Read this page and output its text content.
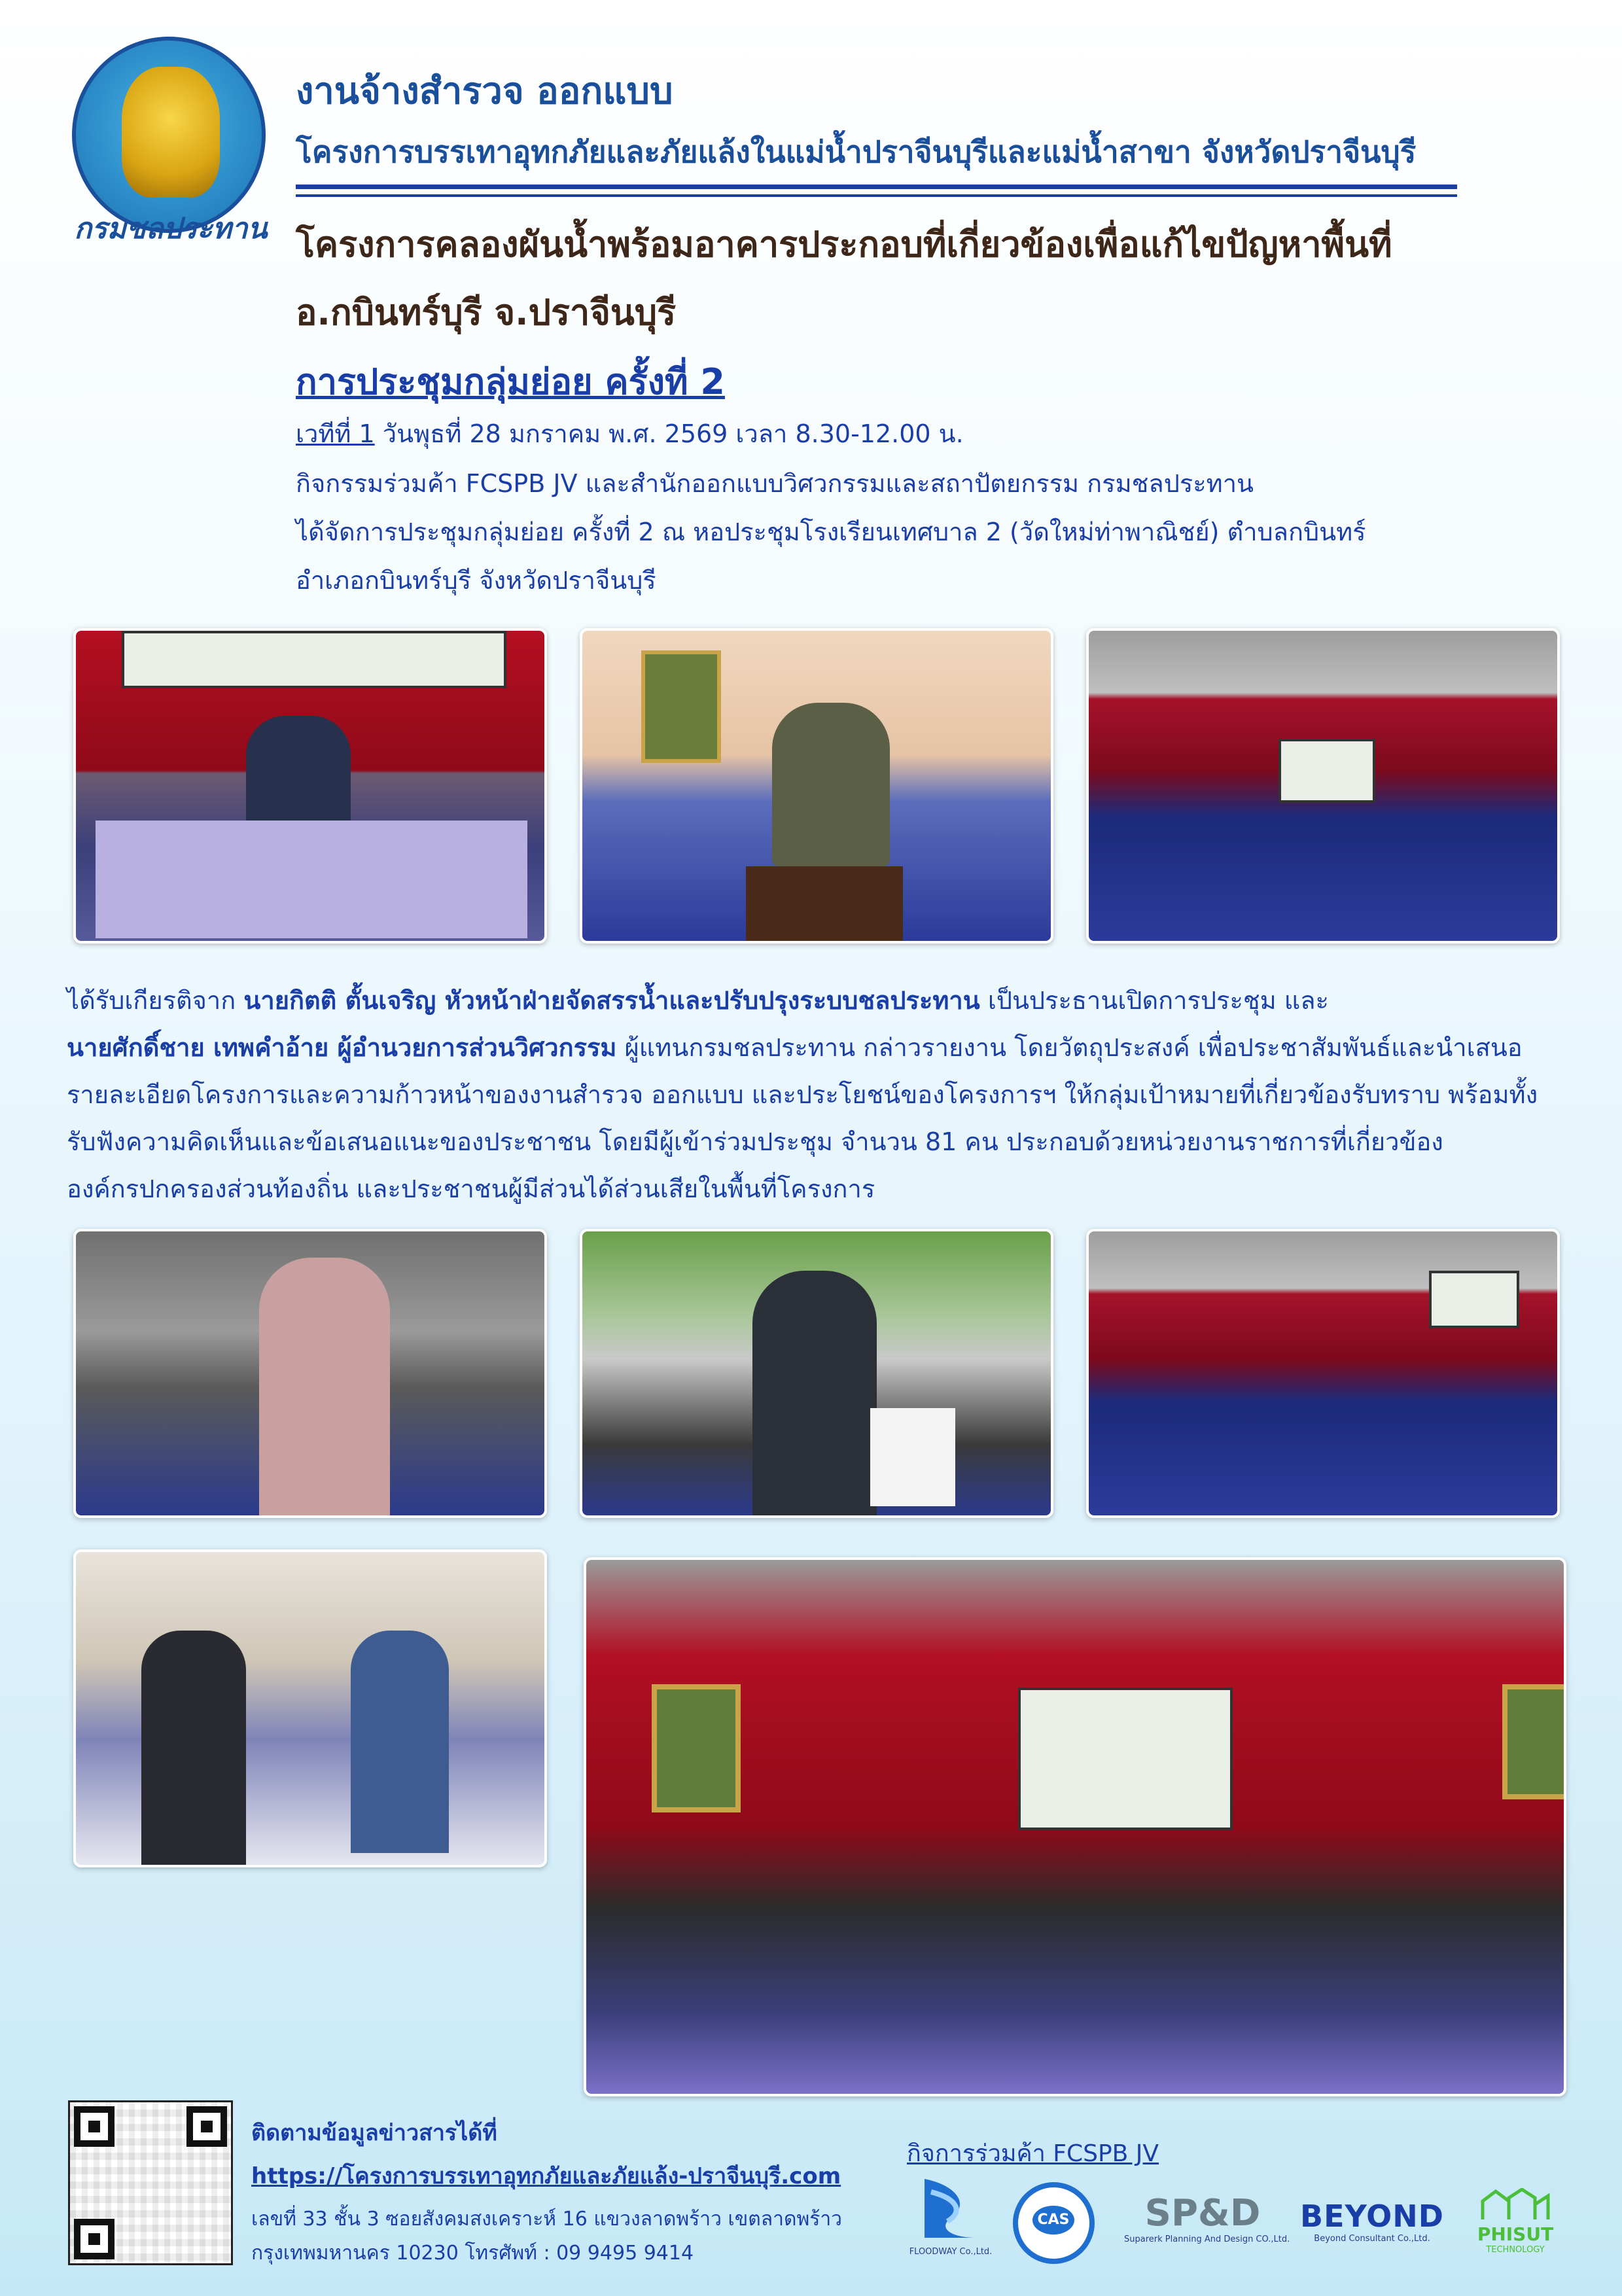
กรมชลประทาน
งานจ้างสำรวจ ออกแบบ
โครงการบรรเทาอุทกภัยและภัยแล้งในแม่น้ำปราจีนบุรีและแม่น้ำสาขา จังหวัดปราจีนบุรี
โครงการคลองผันน้ำพร้อมอาคารประกอบที่เกี่ยวข้องเพื่อแก้ไขปัญหาพื้นที่
อ.กบินทร์บุรี จ.ปราจีนบุรี
การประชุมกลุ่มย่อย ครั้งที่ 2
เวทีที่ 1 วันพุธที่ 28 มกราคม พ.ศ. 2569 เวลา 8.30-12.00 น.
กิจกรรมร่วมค้า FCSPB JV และสำนักออกแบบวิศวกรรมและสถาปัตยกรรม กรมชลประทาน
ได้จัดการประชุมกลุ่มย่อย ครั้งที่ 2 ณ หอประชุมโรงเรียนเทศบาล 2 (วัดใหม่ท่าพาณิชย์) ตำบลกบินทร์
อำเภอกบินทร์บุรี จังหวัดปราจีนบุรี
ได้รับเกียรติจาก นายกิตติ ตั้นเจริญ หัวหน้าฝ่ายจัดสรรน้ำและปรับปรุงระบบชลประทาน เป็นประธานเปิดการประชุม และ
นายศักดิ์ชาย เทพคำอ้าย ผู้อำนวยการส่วนวิศวกรรม ผู้แทนกรมชลประทาน กล่าวรายงาน โดยวัตถุประสงค์ เพื่อประชาสัมพันธ์และนำเสนอ
รายละเอียดโครงการและความก้าวหน้าของงานสำรวจ ออกแบบ และประโยชน์ของโครงการฯ ให้กลุ่มเป้าหมายที่เกี่ยวข้องรับทราบ พร้อมทั้ง
รับฟังความคิดเห็นและข้อเสนอแนะของประชาชน โดยมีผู้เข้าร่วมประชุม จำนวน 81 คน ประกอบด้วยหน่วยงานราชการที่เกี่ยวข้อง
องค์กรปกครองส่วนท้องถิ่น และประชาชนผู้มีส่วนได้ส่วนเสียในพื้นที่โครงการ
ติดตามข้อมูลข่าวสารได้ที่
https://โครงการบรรเทาอุทกภัยและภัยแล้ง-ปราจีนบุรี.com
เลขที่ 33 ชั้น 3 ซอยสังคมสงเคราะห์ 16 แขวงลาดพร้าว เขตลาดพร้าว
กรุงเทพมหานคร 10230 โทรศัพท์ : 09 9495 9414
กิจการร่วมค้า FCSPB JV
FLOODWAY Co.,Ltd.
CAS	SP&D
Suparerk Planning And Design CO.,Ltd.
BEYOND
Beyond Consultant Co.,Ltd.	PHISUT
TECHNOLOGY
